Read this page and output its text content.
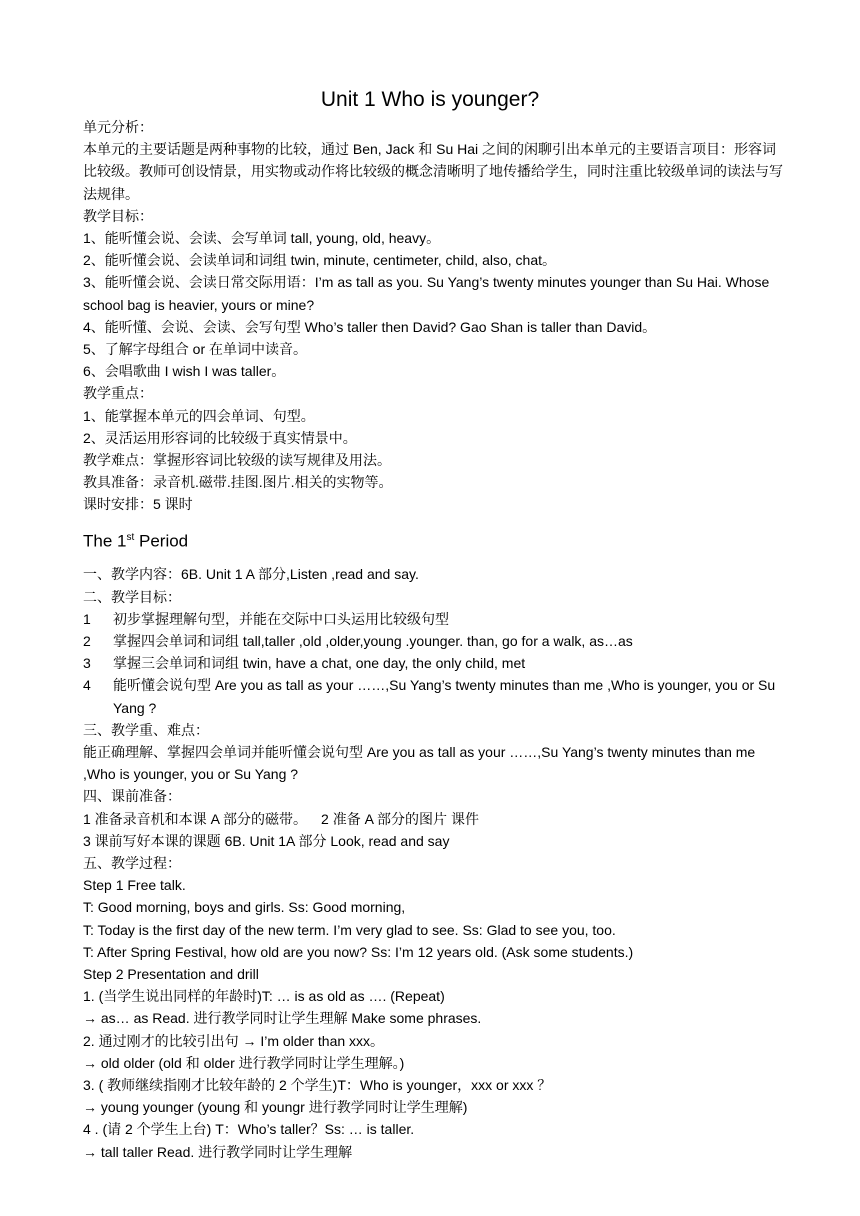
Unit 1 Who is younger?
单元分析：
本单元的主要话题是两种事物的比较，通过 Ben, Jack 和 Su Hai 之间的闲聊引出本单元的主要语言项目：形容词比较级。教师可创设情景，用实物或动作将比较级的概念清晰明了地传播给学生，同时注重比较级单词的读法与写法规律。
教学目标：
1、能听懂会说、会读、会写单词 tall, young, old, heavy。
2、能听懂会说、会读单词和词组 twin, minute, centimeter, child, also, chat。
3、能听懂会说、会读日常交际用语：I’m as tall as you. Su Yang’s twenty minutes younger than Su Hai. Whose school bag is heavier, yours or mine?
4、能听懂、会说、会读、会写句型 Who’s taller then David? Gao Shan is taller than David。
5、了解字母组合 or 在单词中读音。
6、会唱歌曲 I wish I was taller。
教学重点：
1、能掌握本单元的四会单词、句型。
2、灵活运用形容词的比较级于真实情景中。
教学难点：掌握形容词比较级的读写规律及用法。
教具准备：录音机.磁带.挂图.图片.相关的实物等。
课时安排：5 课时
The 1st Period
一、教学内容：6B. Unit 1 A 部分,Listen ,read and say.
二、教学目标：
1 初步掌握理解句型，并能在交际中口头运用比较级句型
2 掌握四会单词和词组 tall,taller ,old ,older,young .younger. than, go for a walk, as…as
3 掌握三会单词和词组 twin, have a chat, one day, the only child, met
4 能听懂会说句型 Are you as tall as your ……,Su Yang’s twenty minutes than me ,Who is younger, you or Su Yang ?
三、教学重、难点：
能正确理解、掌握四会单词并能听懂会说句型 Are you as tall as your ……,Su Yang’s twenty minutes than me ,Who is younger, you or Su Yang ?
四、课前准备：
1 准备录音机和本课 A 部分的磁带。 2 准备 A 部分的图片 课件
3 课前写好本课的课题 6B. Unit 1A 部分 Look, read and say
五、教学过程：
Step 1 Free talk.
T: Good morning, boys and girls. Ss: Good morning,
T: Today is the first day of the new term. I’m very glad to see. Ss: Glad to see you, too.
T: After Spring Festival, how old are you now? Ss: I’m 12 years old. (Ask some students.)
Step 2 Presentation and drill
1. (当学生说出同样的年龄时)T: … is as old as …. (Repeat)
→ as… as Read. 进行教学同时让学生理解 Make some phrases.
2. 通过刚才的比较引出句 → I’m older than xxx。
→ old older (old 和 older 进行教学同时让学生理解。)
3. ( 教师继续指刚才比较年龄的 2 个学生)T：Who is younger，xxx or xxx ？
→ young younger (young 和 youngr 进行教学同时让学生理解)
4 . (请 2 个学生上台) T：Who’s taller？Ss: … is taller.
→ tall taller Read. 进行教学同时让学生理解
